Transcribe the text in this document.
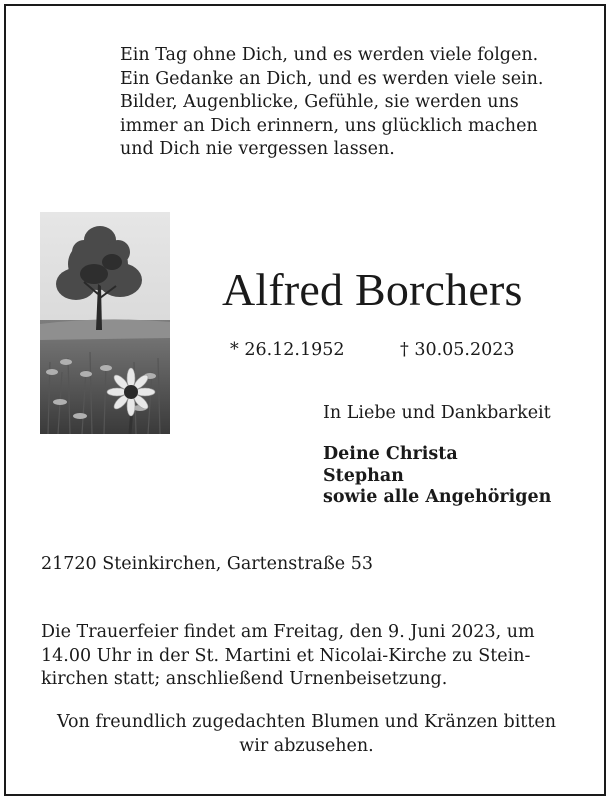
Ein Tag ohne Dich, und es werden viele folgen.
Ein Gedanke an Dich, und es werden viele sein.
Bilder, Augenblicke, Gefühle, sie werden uns
immer an Dich erinnern, uns glücklich machen
und Dich nie vergessen lassen.
Alfred Borchers
* 26.12.1952	† 30.05.2023
In Liebe und Dankbarkeit
Deine Christa
Stephan
sowie alle Angehörigen
21720 Steinkirchen, Gartenstraße 53
Die Trauerfeier findet am Freitag, den 9. Juni 2023, um
14.00 Uhr in der St. Martini et Nicolai-Kirche zu Stein-
kirchen statt; anschließend Urnenbeisetzung.
Von freundlich zugedachten Blumen und Kränzen bitten
wir abzusehen.
